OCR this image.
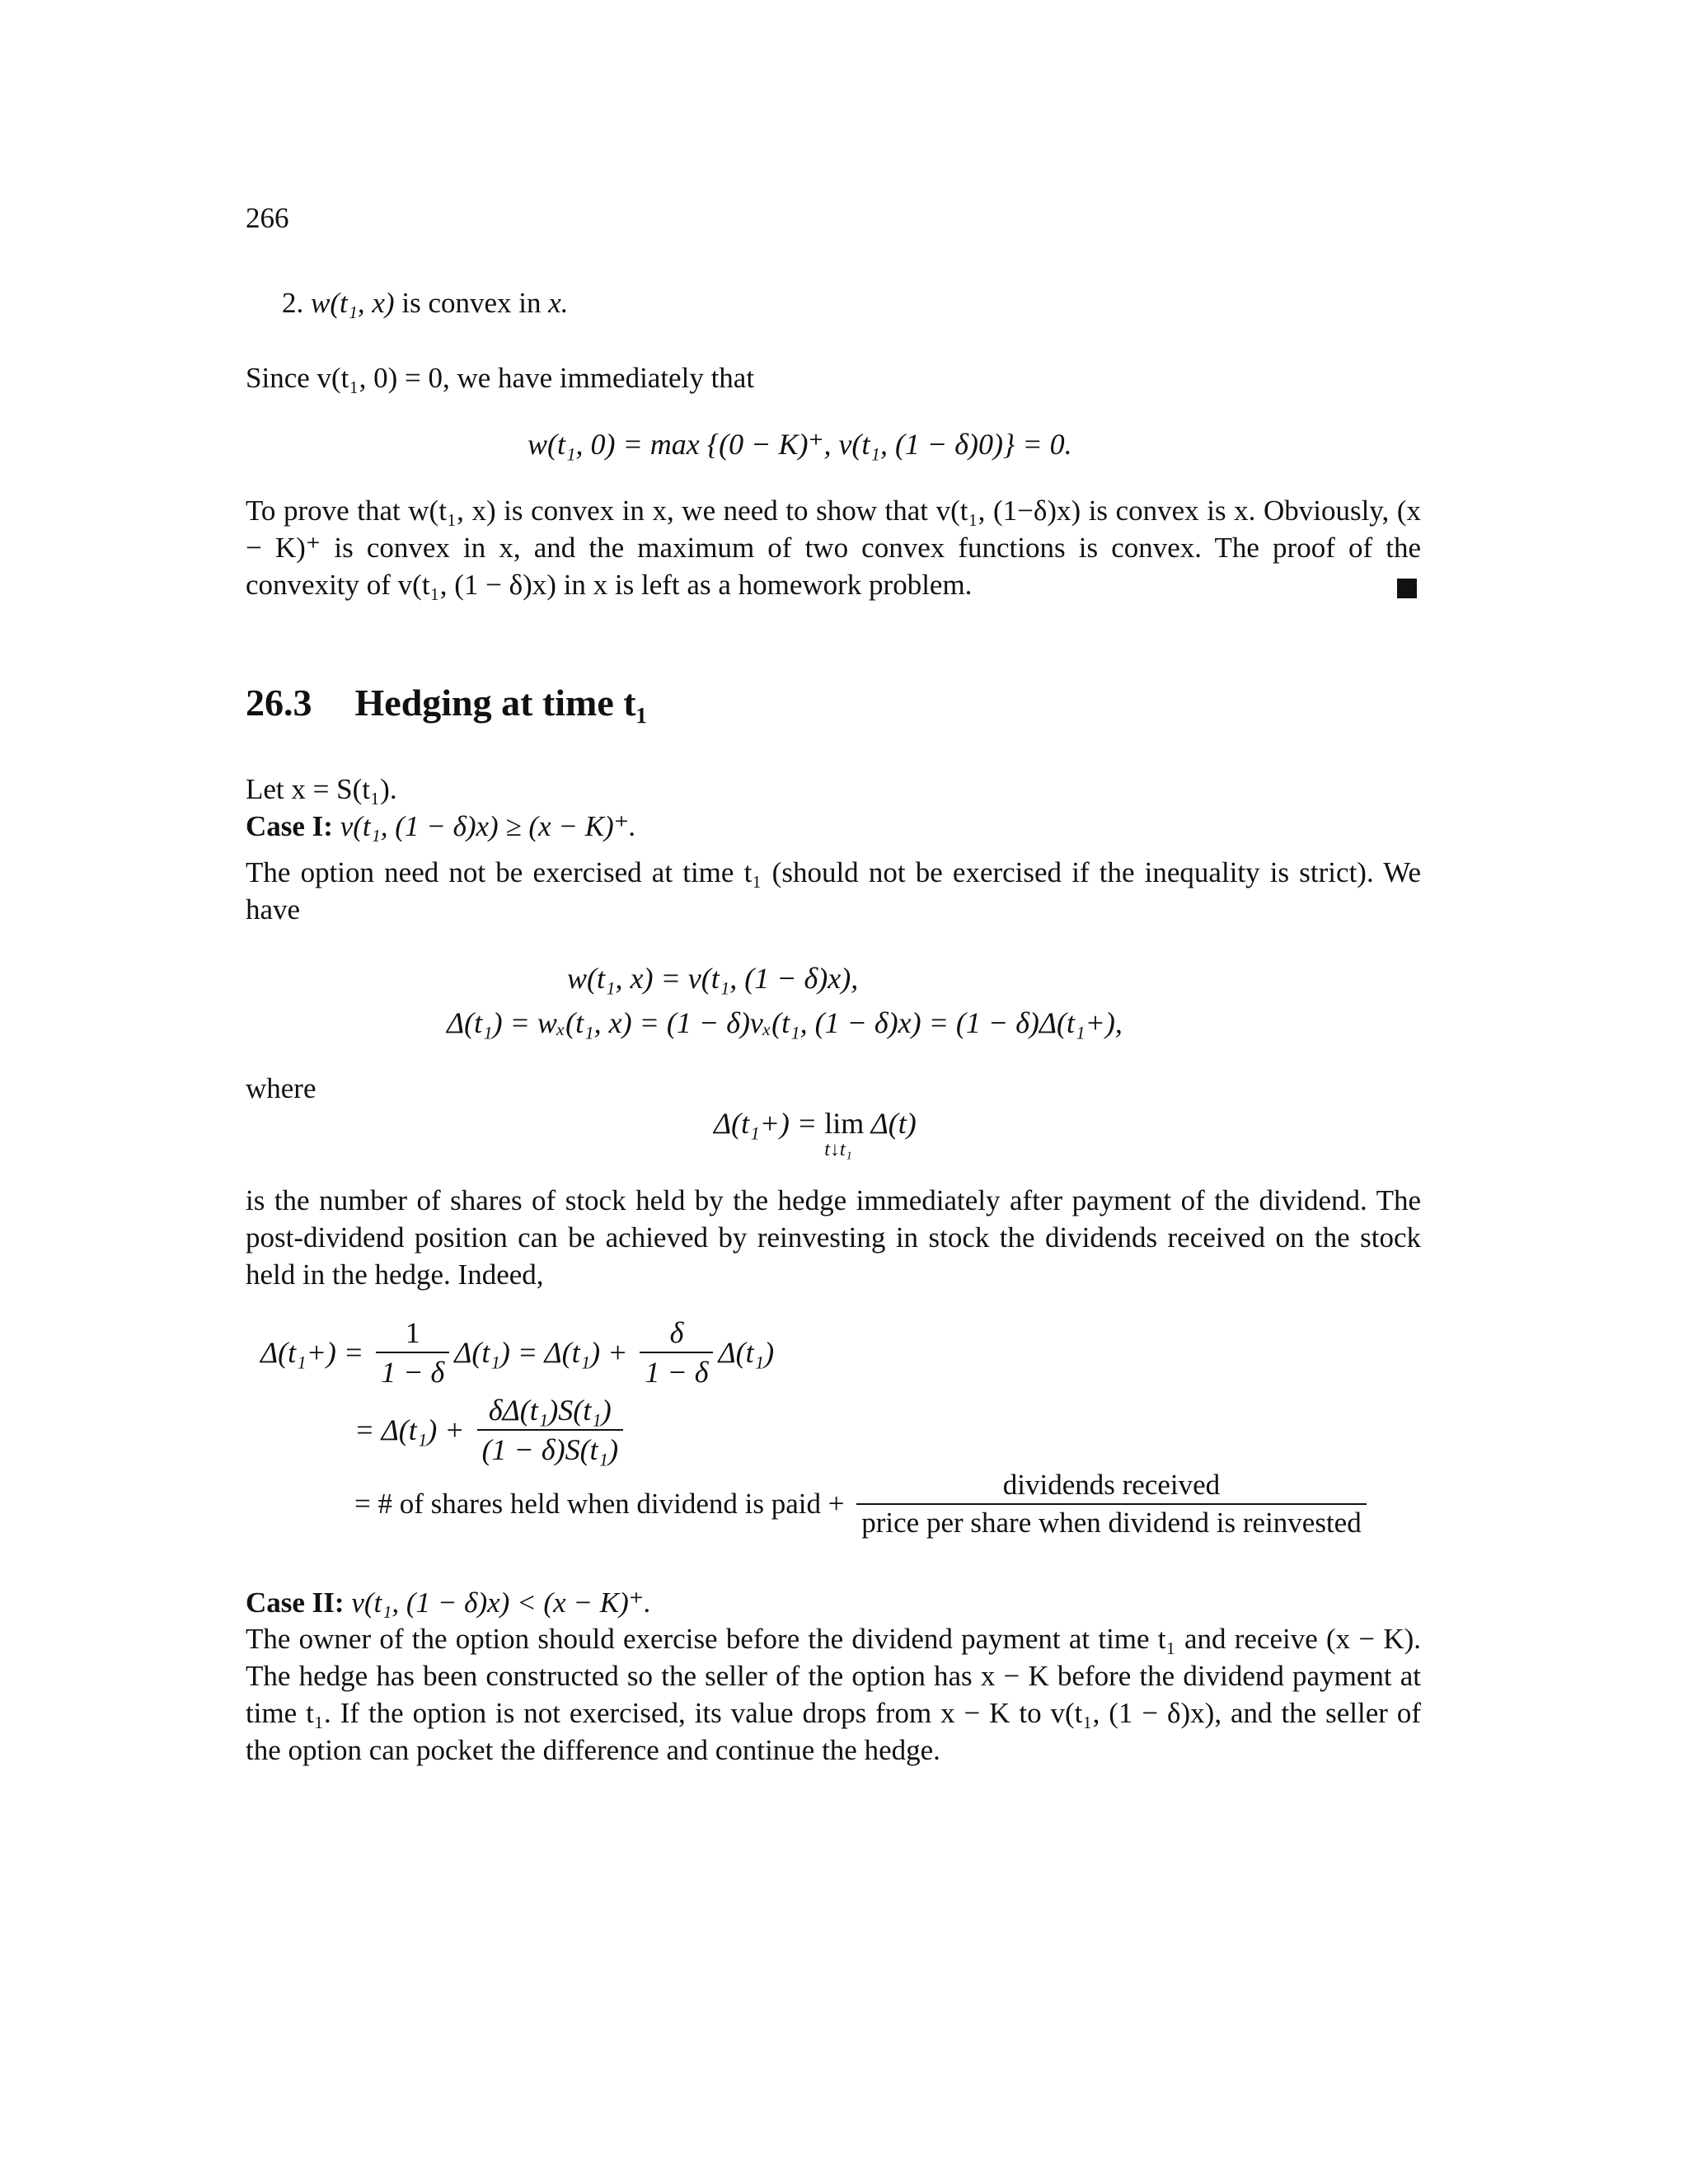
266
2. w(t₁, x) is convex in x.
Since v(t₁, 0) = 0, we have immediately that
w(t₁, 0) = max {(0 − K)⁺, v(t₁, (1 − δ)0)} = 0.
To prove that w(t₁, x) is convex in x, we need to show that v(t₁, (1−δ)x) is convex is x. Obviously, (x − K)⁺ is convex in x, and the maximum of two convex functions is convex. The proof of the convexity of v(t₁, (1 − δ)x) in x is left as a homework problem.
26.3 Hedging at time t₁
Let x = S(t₁).
Case I: v(t₁, (1 − δ)x) ≥ (x − K)⁺.
The option need not be exercised at time t₁ (should not be exercised if the inequality is strict). We have
w(t₁, x) = v(t₁, (1 − δ)x),
Δ(t₁) = wₓ(t₁, x) = (1 − δ)vₓ(t₁, (1 − δ)x) = (1 − δ)Δ(t₁+),
where
Δ(t₁+) = lim
t↓t₁
Δ(t)
is the number of shares of stock held by the hedge immediately after payment of the dividend. The post-dividend position can be achieved by reinvesting in stock the dividends received on the stock held in the hedge. Indeed,
$\Delta(t_1+) = \frac{1}{1 - \delta} \Delta(t_1) = \Delta(t_1) + \frac{\delta}{1 - \delta} \Delta(t_1)$
= $\Delta(t_1) + \frac{\text{δΔ(t₁)S(t₁)}}{\text{(1 − δ)S(t₁)}}$
= # of shares held when dividend is paid + $\frac{\text{dividends received}}{\text{price per share when dividend is reinvested}}$
Case II: v(t₁, (1 − δ)x) < (x − K)⁺.
The owner of the option should exercise before the dividend payment at time t₁ and receive (x − K). The hedge has been constructed so the seller of the option has x − K before the dividend payment at time t₁. If the option is not exercised, its value drops from x − K to v(t₁, (1 − δ)x), and the seller of the option can pocket the difference and continue the hedge.
